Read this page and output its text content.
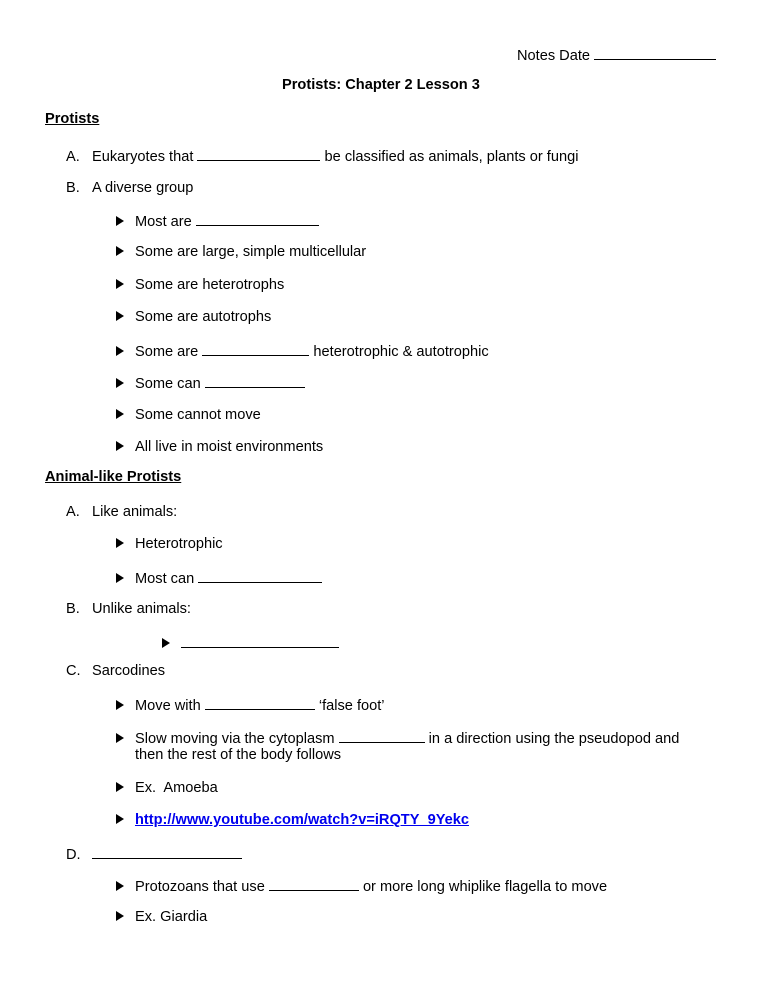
Notes Date
Protists: Chapter 2 Lesson 3
Protists
A. Eukaryotes that	be classified as animals, plants or fungi
B. A diverse group
Most are
Some are large, simple multicellular
Some are heterotrophs
Some are autotrophs
Some are	heterotrophic & autotrophic
Some can
Some cannot move
All live in moist environments
Animal-like Protists
A. Like animals:
Heterotrophic
Most can
B. Unlike animals:
C. Sarcodines
Move with	‘false foot’
Slow moving via the cytoplasm	in a direction using the pseudopod and
then the rest of the body follows
Ex.  Amoeba
http://www.youtube.com/watch?v=iRQTY_9Yekc
D.
Protozoans that use	or more long whiplike flagella to move
Ex. Giardia
